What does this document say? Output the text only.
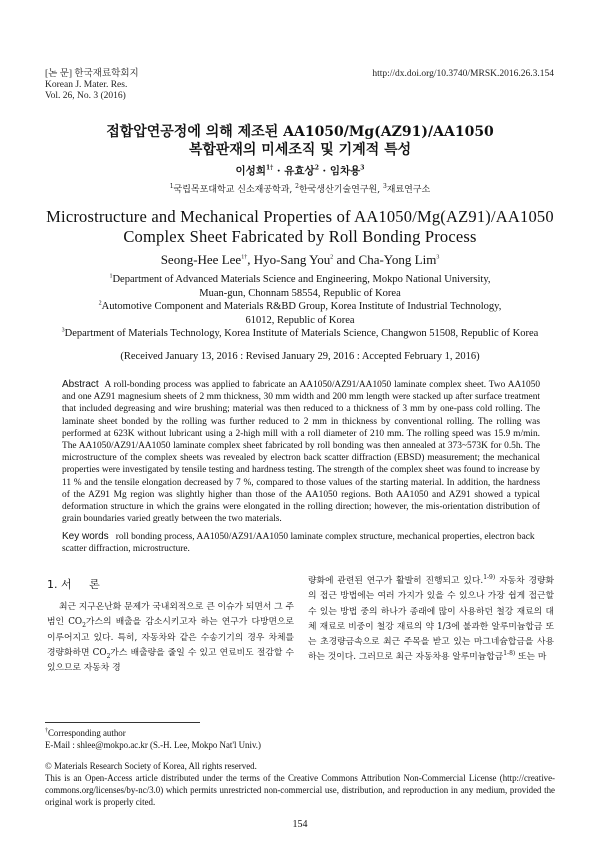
[논 문] 한국재료학회지
Korean J. Mater. Res.
Vol. 26, No. 3 (2016)
http://dx.doi.org/10.3740/MRSK.2016.26.3.154
접합압연공정에 의해 제조된 AA1050/Mg(AZ91)/AA1050
복합판재의 미세조직 및 기계적 특성
이성희$^{1\dagger}$ · 유효상$^2$ · 임차용$^3$
$^1$국립목포대학교 신소재공학과, $^2$한국생산기술연구원, $^3$재료연구소
Microstructure and Mechanical Properties of AA1050/Mg(AZ91)/AA1050
Complex Sheet Fabricated by Roll Bonding Process
Seong-Hee Lee$^{1\dagger}$, Hyo-Sang You$^2$ and Cha-Yong Lim$^3$
$^1$Department of Advanced Materials Science and Engineering, Mokpo National University,
Muan-gun, Chonnam 58554, Republic of Korea
$^2$Automotive Component and Materials R&BD Group, Korea Institute of Industrial Technology,
61012, Republic of Korea
$^3$Department of Materials Technology, Korea Institute of Materials Science, Changwon 51508, Republic of Korea
(Received January 13, 2016 : Revised January 29, 2016 : Accepted February 1, 2016)
Abstract A roll-bonding process was applied to fabricate an AA1050/AZ91/AA1050 laminate complex sheet. Two AA1050 and one AZ91 magnesium sheets of 2 mm thickness, 30 mm width and 200 mm length were stacked up after surface treatment that included degreasing and wire brushing; material was then reduced to a thickness of 3 mm by one-pass cold rolling. The laminate sheet bonded by the rolling was further reduced to 2 mm in thickness by conventional rolling. The rolling was performed at 623K without lubricant using a 2-high mill with a roll diameter of 210 mm. The rolling speed was 15.9 m/min. The AA1050/AZ91/AA1050 laminate complex sheet fabricated by roll bonding was then annealed at 373~573K for 0.5h. The microstructure of the complex sheets was revealed by electron back scatter diffraction (EBSD) measurement; the mechanical properties were investigated by tensile testing and hardness testing. The strength of the complex sheet was found to increase by 11 % and the tensile elongation decreased by 7 %, compared to those values of the starting material. In addition, the hardness of the AZ91 Mg region was slightly higher than those of the AA1050 regions. Both AA1050 and AZ91 showed a typical deformation structure in which the grains were elongated in the rolling direction; however, the mis-orientation distribution of grain boundaries varied greatly between the two materials.
Key words roll bonding process, AA1050/AZ91/AA1050 laminate complex structure, mechanical properties, electron back scatter diffraction, microstructure.
1. 서 론

최근 지구온난화 문제가 국내외적으로 큰 이슈가 되면서 그 주범인 $CO_2$가스의 배출을 감소시키고자 하는 연구가 다방면으로 이루어지고 있다. 특히, 자동차와 같은 수송기기의 경우 차체를 경량화하면 $CO_2$가스 배출량을 줄일 수 있고 연료비도 절감할 수 있으므로 자동차 경

량화에 관련된 연구가 활발히 진행되고 있다.$^{1-9)}$ 자동차 경량화의 접근 방법에는 여러 가지가 있을 수 있으나 가장 쉽게 접근할 수 있는 방법 중의 하나가 종래에 많이 사용하던 철강 재료의 대체 재료로 비중이 철강 재료의 약 1/3에 불과한 알루미늄합금 또는 초경량금속으로 최근 주목을 받고 있는 마그네슘합금을 사용하는 것이다. 그러므로 최근 자동차용 알루미늄합금$^{1-8)}$ 또는 마

†Corresponding author
E-Mail : shlee@mokpo.ac.kr (S.-H. Lee, Mokpo Nat'l Univ.)
© Materials Research Society of Korea, All rights reserved.
This is an Open-Access article distributed under the terms of the Creative Commons Attribution Non-Commercial License (http://creative-commons.org/licenses/by-nc/3.0) which permits unrestricted non-commercial use, distribution, and reproduction in any medium, provided the original work is properly cited.
154
